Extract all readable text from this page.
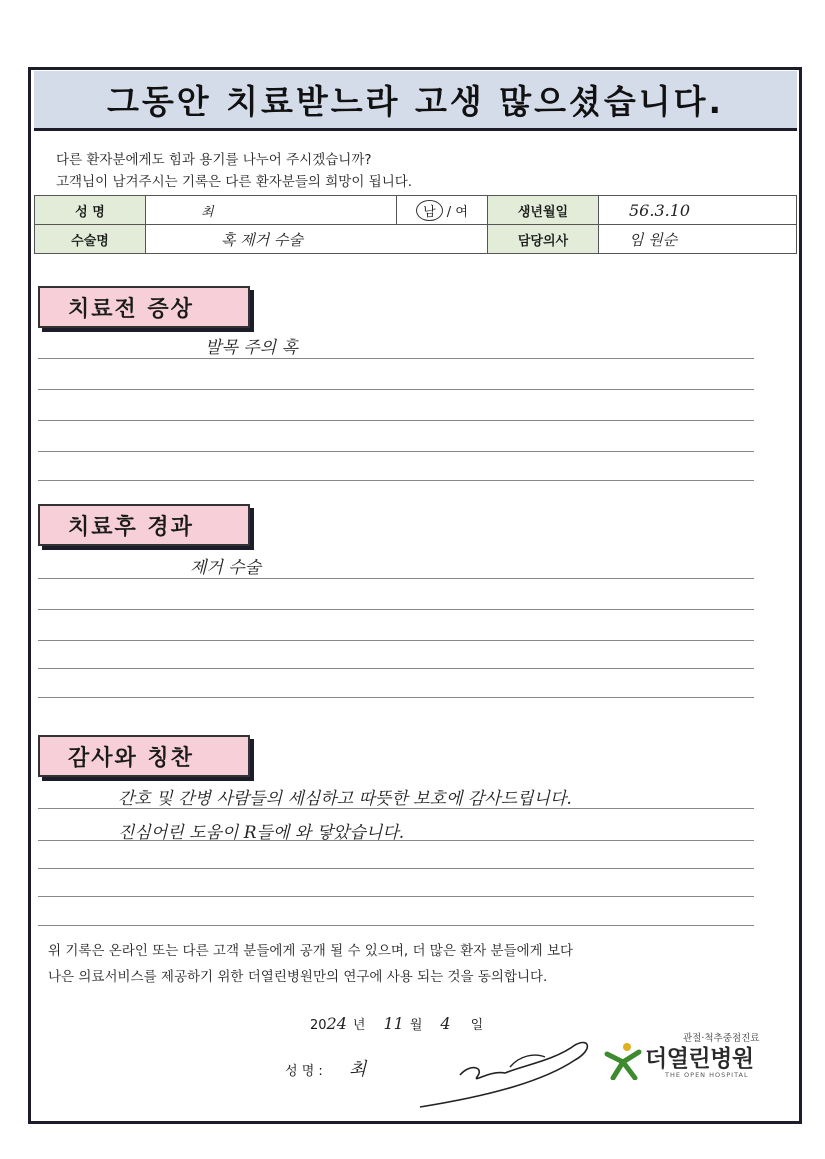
그동안 치료받느라 고생 많으셨습니다.
다른 환자분에게도 힘과 용기를 나누어 주시겠습니까?
고객님이 남겨주시는 기록은 다른 환자분들의 희망이 됩니다.
성 명	최	남 / 여	생년월일	56.3.10
수술명	혹 제거 수술		담당의사	임 원순
치료전 증상
발목 주의 혹
치료후 경과
제거 수술
감사와 칭찬
간호 및 간병 사람들의 세심하고 따뜻한 보호에 감사드립니다.
진심어린 도움이 R들에 와 닿았습니다.
위 기록은 온라인 또는 다른 고객 분들에게 공개 될 수 있으며, 더 많은 환자 분들에게 보다
나은 의료서비스를 제공하기 위한 더열린병원만의 연구에 사용 되는 것을 동의합니다.
20 24 년 11 월 4 일
성 명 : 최
관절·척추중점진료
더열린병원
THE OPEN HOSPITAL
